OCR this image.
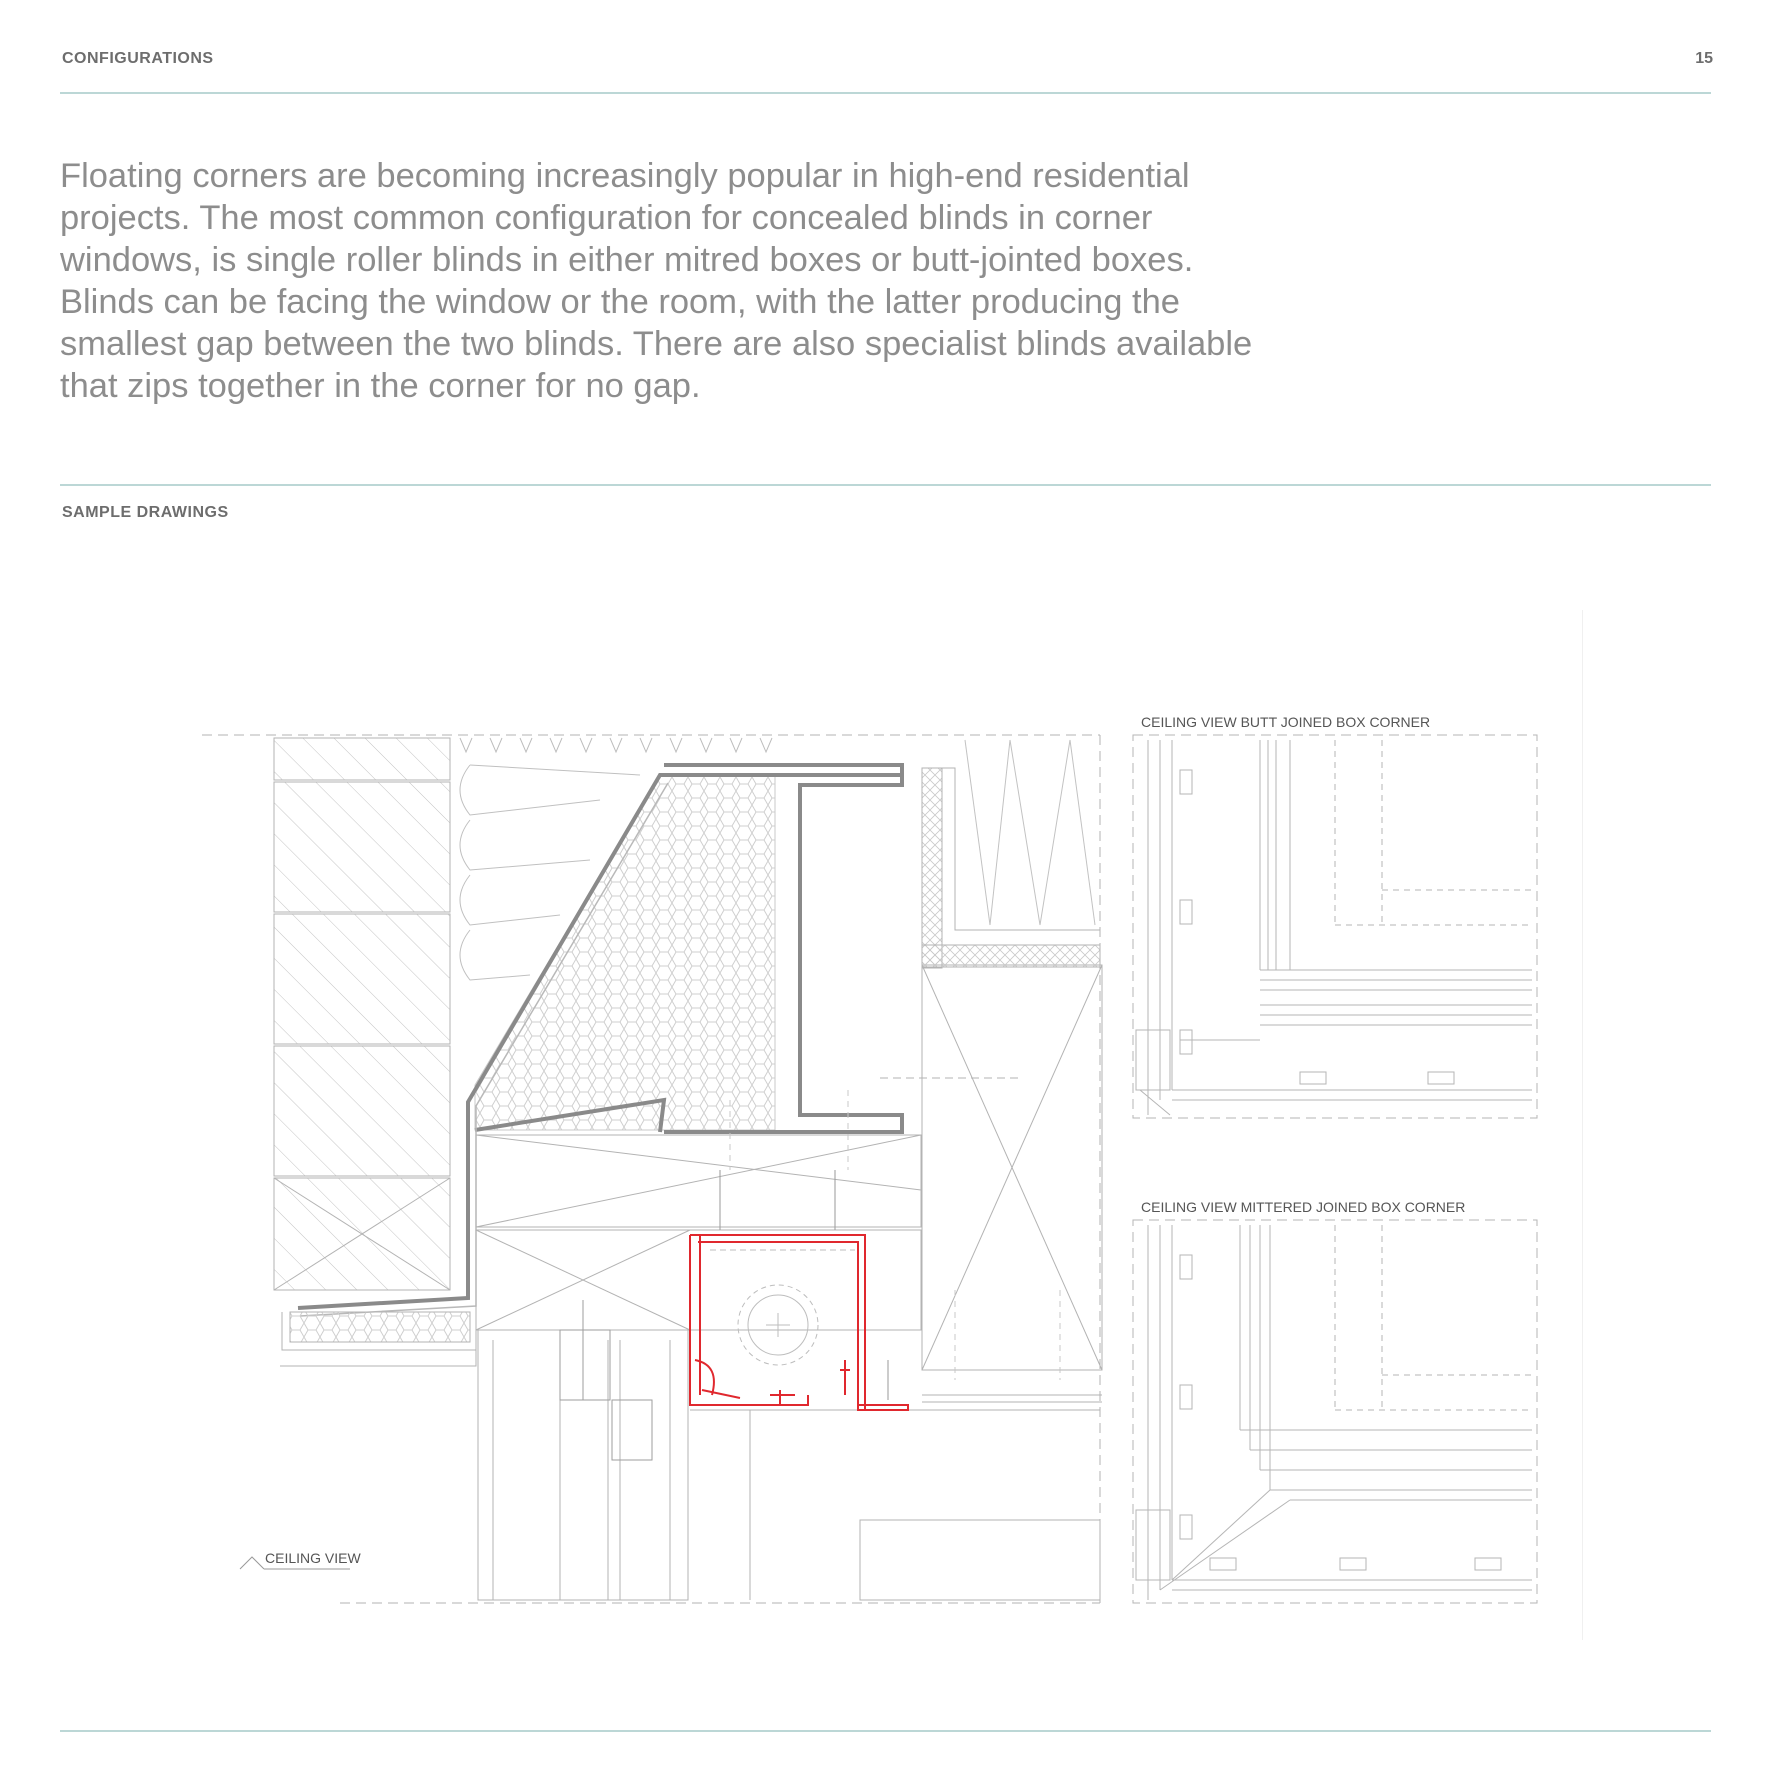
CONFIGURATIONS	15

Floating corners are becoming increasingly popular in high-end residential
projects. The most common configuration for concealed blinds in corner
windows, is single roller blinds in either mitred boxes or butt-jointed boxes.
Blinds can be facing the window or the room, with the latter producing the
smallest gap between the two blinds. There are also specialist blinds available
that zips together in the corner for no gap.

SAMPLE DRAWINGS
CEILING VIEW
CEILING VIEW BUTT JOINED BOX CORNER
CEILING VIEW MITTERED JOINED BOX CORNER
